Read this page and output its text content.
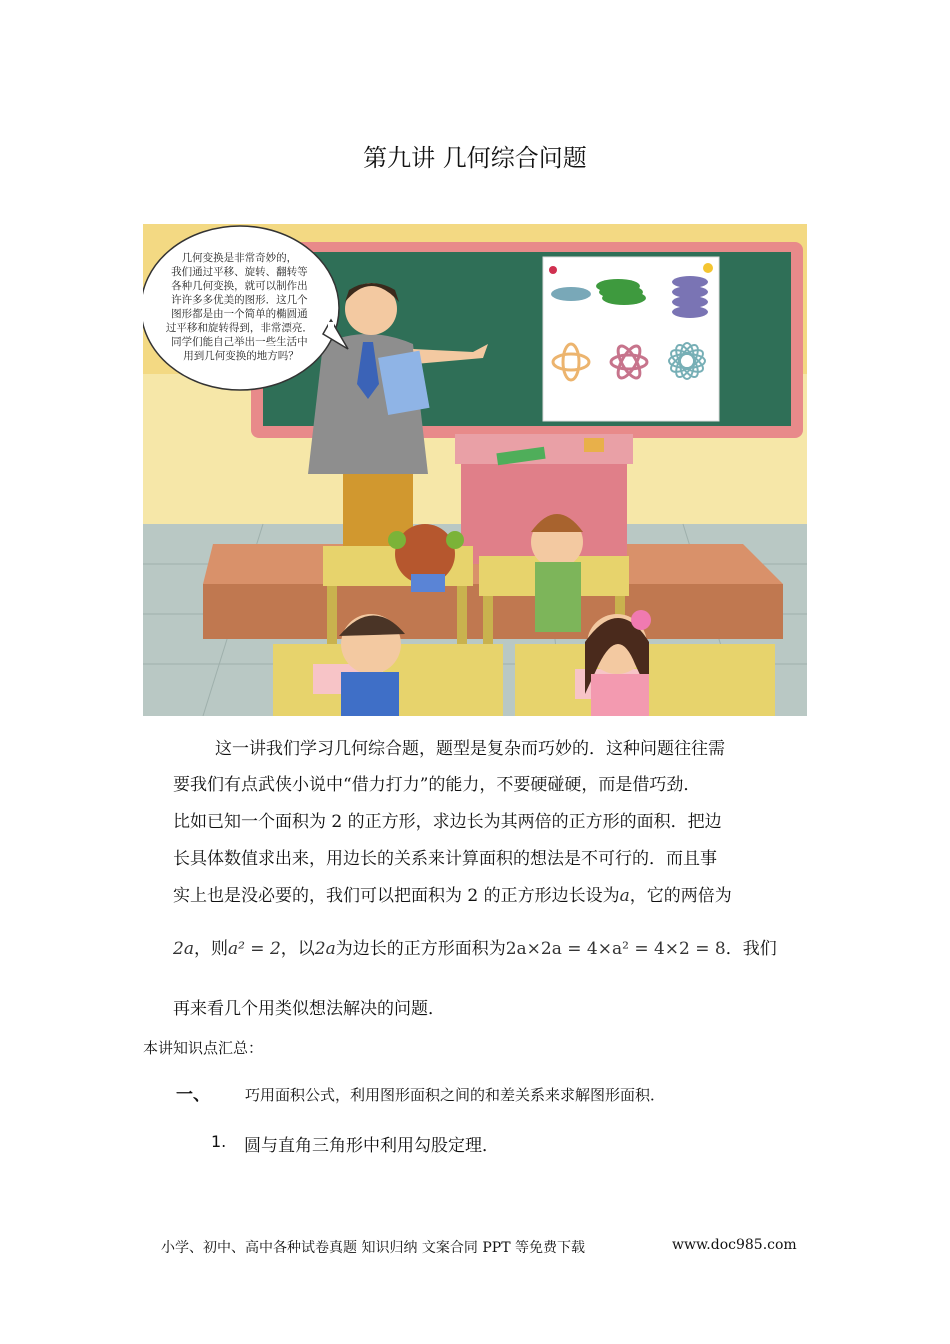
第九讲 几何综合问题
几何变换是非常奇妙的， 我们通过平移、旋转、翻转等 各种几何变换，就可以制作出 许许多多优美的图形．这几个 图形都是由一个简单的椭圆通 过平移和旋转得到，非常漂亮． 同学们能自己举出一些生活中 用到几何变换的地方吗？
这一讲我们学习几何综合题，题型是复杂而巧妙的．这种问题往往需
要我们有点武侠小说中“借力打力”的能力，不要硬碰硬，而是借巧劲．
比如已知一个面积为 2 的正方形，求边长为其两倍的正方形的面积．把边
长具体数值求出来，用边长的关系来计算面积的想法是不可行的．而且事
实上也是没必要的，我们可以把面积为 2 的正方形边长设为a，它的两倍为
2a，则a² = 2，以2a为边长的正方形面积为2a×2a = 4×a² = 4×2 = 8．我们
再来看几个用类似想法解决的问题．
本讲知识点汇总：
一、 巧用面积公式，利用图形面积之间的和差关系来求解图形面积．
1. 圆与直角三角形中利用勾股定理．
小学、初中、高中各种试卷真题 知识归纳 文案合同 PPT 等免费下载	www.doc985.com
